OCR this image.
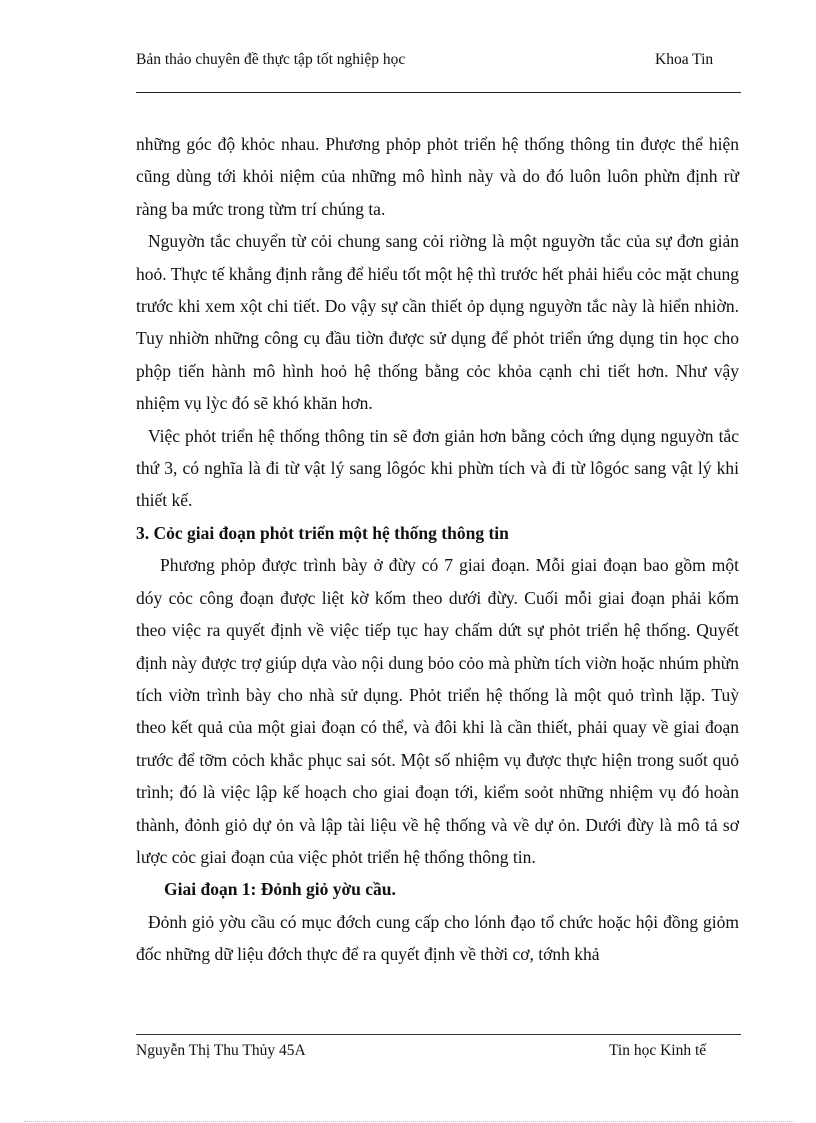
Bản thảo chuyên đề thực tập tốt nghiệp học	Khoa Tin

những góc độ khỏc nhau. Phương phỏp phỏt triển hệ thống thông tin được thể hiện cũng dùng tới khỏi niệm của những mô hình này và do đó luôn luôn phừn định rừ ràng ba mức trong từm trí chúng ta.

Nguyờn tắc chuyển từ cỏi chung sang cỏi riờng là một nguyờn tắc của sự đơn giản hoỏ. Thực tế khẳng định rằng để hiểu tốt một hệ thì trước hết phải hiểu cỏc mặt chung trước khi xem xột chi tiết. Do vậy sự cần thiết ỏp dụng nguyờn tắc này là hiển nhiờn. Tuy nhiờn những công cụ đầu tiờn được sử dụng để phỏt triển ứng dụng tin học cho phộp tiến hành mô hình hoỏ hệ thống bằng cỏc khỏa cạnh chi tiết hơn. Như vậy nhiệm vụ lỳc đó sẽ khó khăn hơn.

Việc phỏt triển hệ thống thông tin sẽ đơn giản hơn bằng cỏch ứng dụng nguyờn tắc thứ 3, có nghĩa là đi từ vật lý sang lôgóc khi phừn tích và đi từ lôgóc sang vật lý khi thiết kế.

3. Cỏc giai đoạn phỏt triển một hệ thống thông tin

Phương phỏp được trình bày ở đừy có 7 giai đoạn. Mỗi giai đoạn bao gồm một dóy cỏc công đoạn được liệt kờ kốm theo dưới đừy. Cuối mỗi giai đoạn phải kốm theo việc ra quyết định về việc tiếp tục hay chấm dứt sự phỏt triển hệ thống. Quyết định này được trợ giúp dựa vào nội dung bỏo cỏo mà phừn tích viờn hoặc nhúm phừn tích viờn trình bày cho nhà sử dụng. Phỏt triển hệ thống là một quỏ trình lặp. Tuỳ theo kết quả của một giai đoạn có thể, và đôi khi là cần thiết, phải quay về giai đoạn trước để tỡm cỏch khắc phục sai sót. Một số nhiệm vụ được thực hiện trong suốt quỏ trình; đó là việc lập kế hoạch cho giai đoạn tới, kiểm soỏt những nhiệm vụ đó hoàn thành, đỏnh giỏ dự ỏn và lập tài liệu về hệ thống và về dự ỏn. Dưới đừy là mô tả sơ lược cỏc giai đoạn của việc phỏt triển hệ thống thông tin.

Giai đoạn 1: Đỏnh giỏ yờu cầu.

Đỏnh giỏ yờu cầu có mục đớch cung cấp cho lónh đạo tổ chức hoặc hội đồng giỏm đốc những dữ liệu đớch thực để ra quyết định về thời cơ, tớnh khả

Nguyễn Thị Thu Thủy 45A	Tin học Kinh tế
